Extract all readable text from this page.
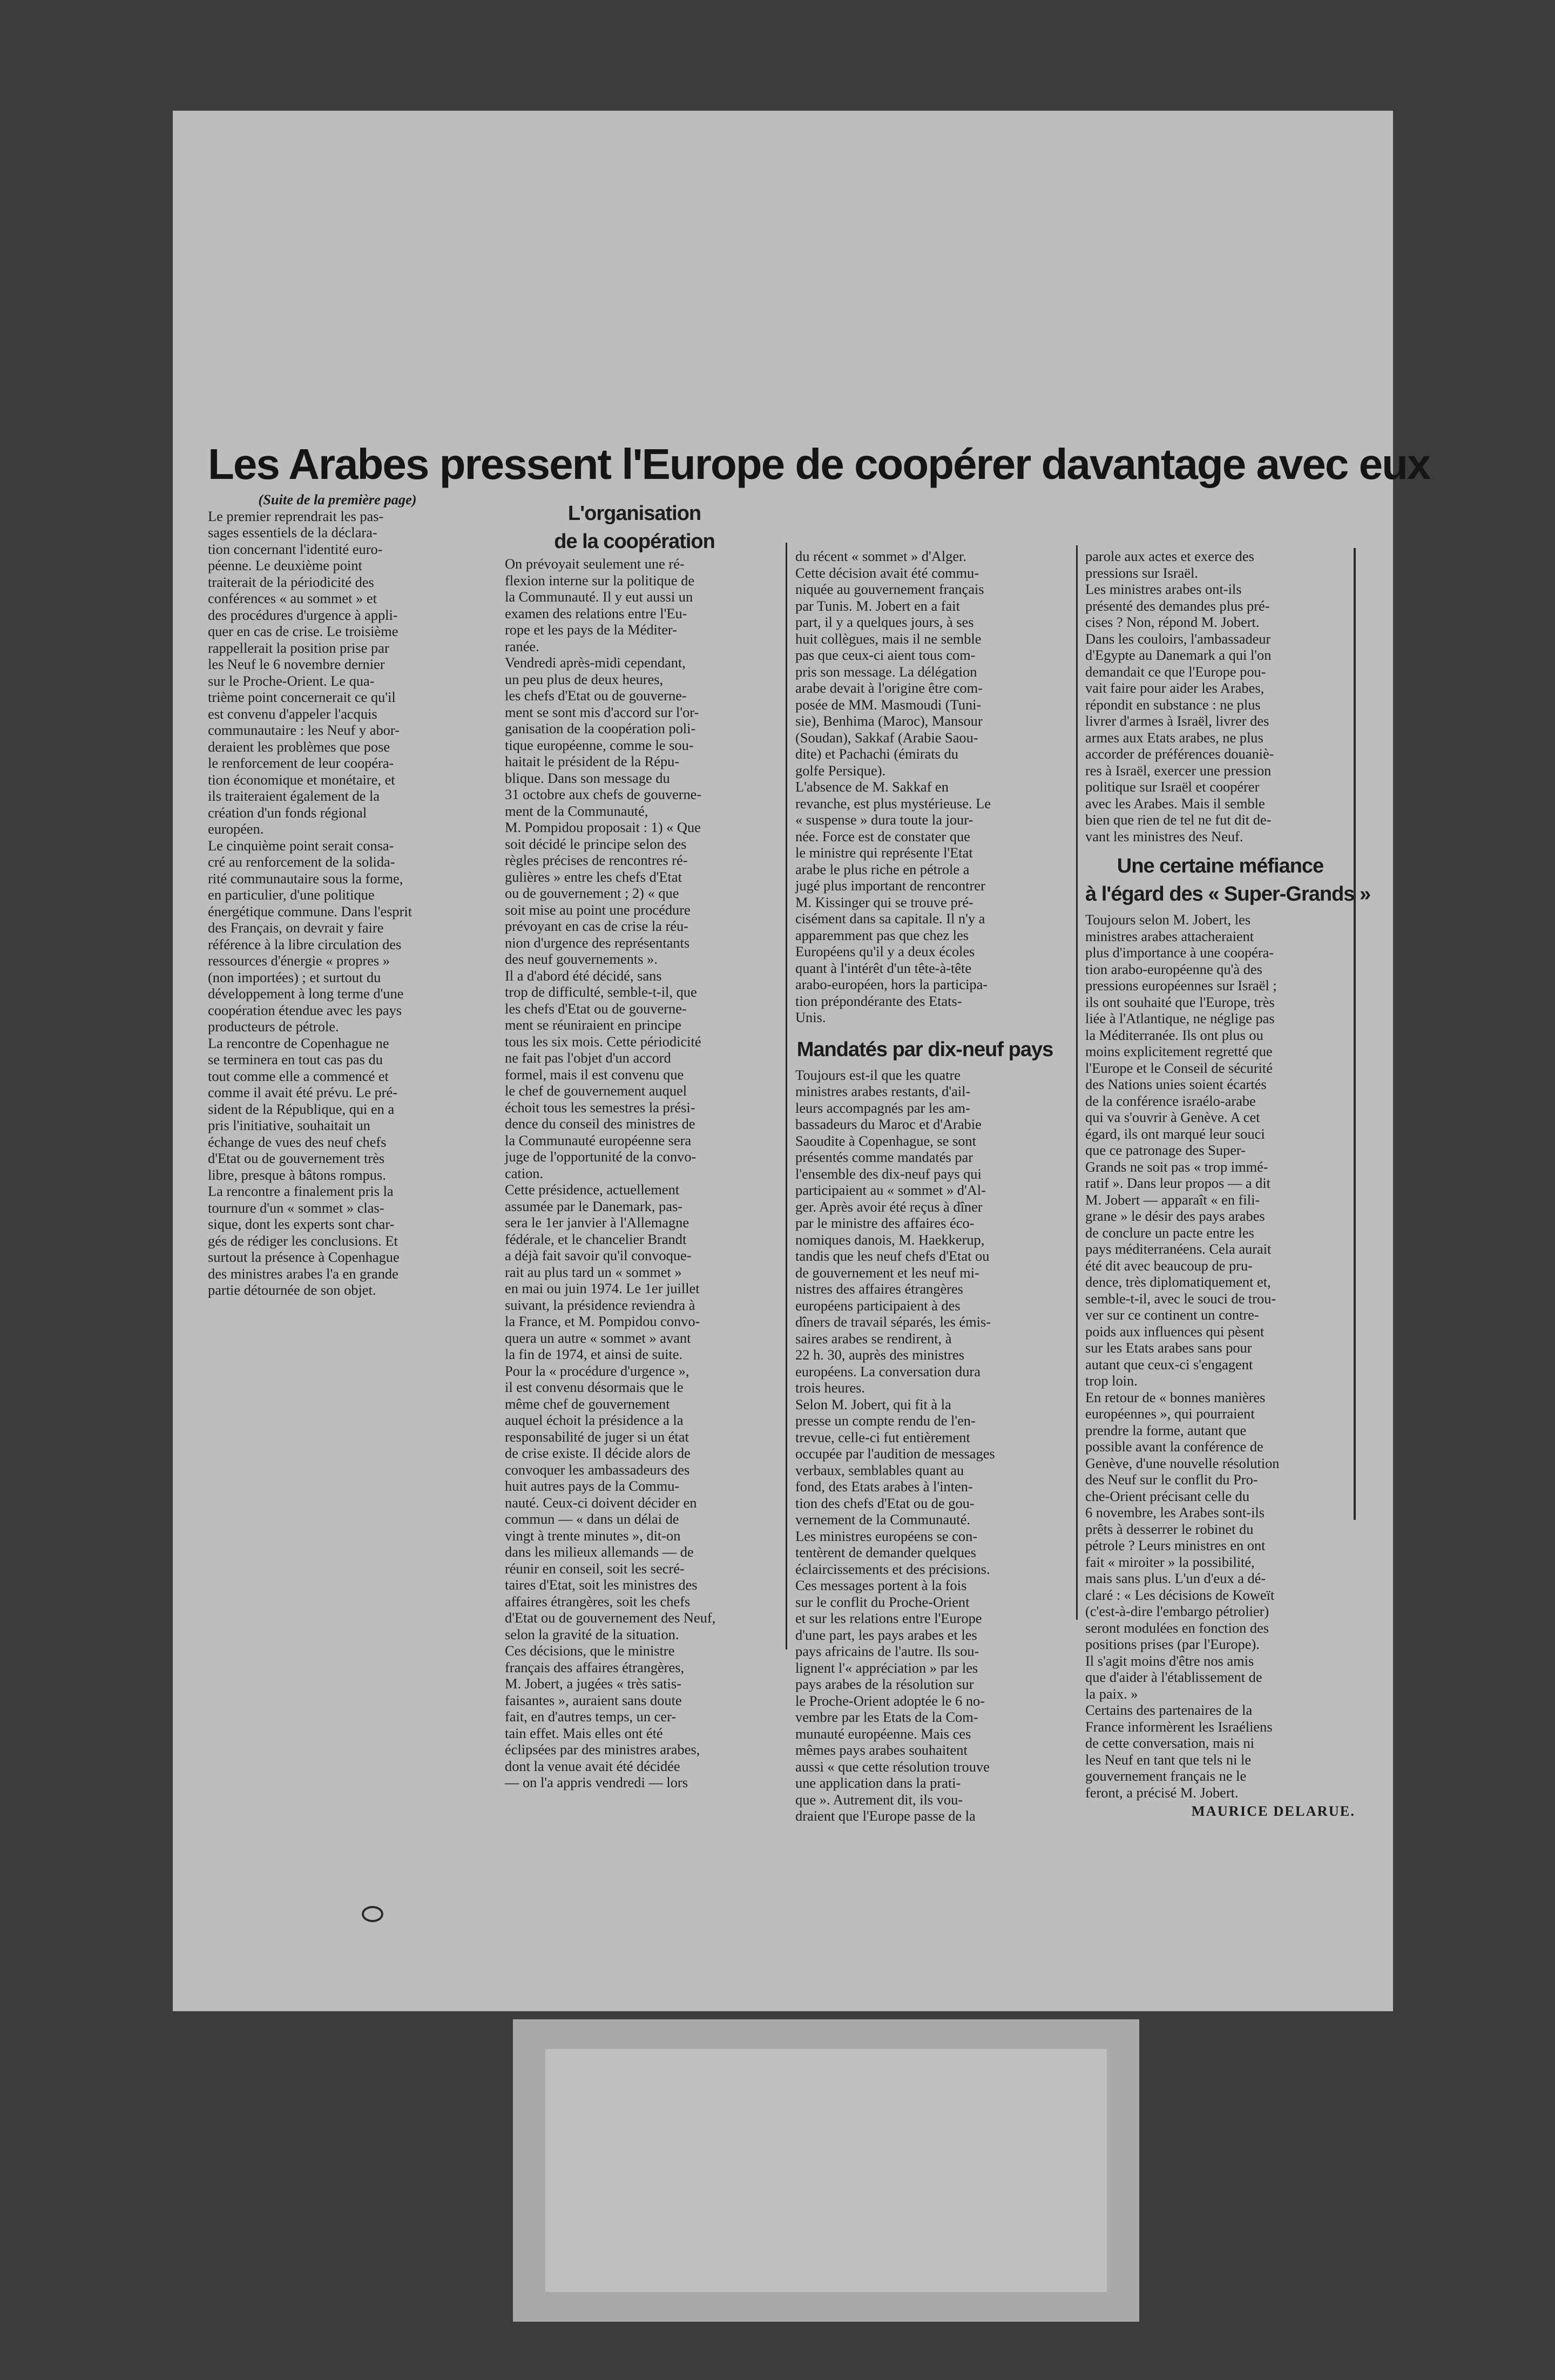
Les Arabes pressent l'Europe de coopérer davantage avec eux
(Suite de la première page)
Le premier reprendrait les pas-
sages essentiels de la déclara-
tion concernant l'identité euro-
péenne. Le deuxième point
traiterait de la périodicité des
conférences « au sommet » et
des procédures d'urgence à appli-
quer en cas de crise. Le troisième
rappellerait la position prise par
les Neuf le 6 novembre dernier
sur le Proche-Orient. Le qua-
trième point concernerait ce qu'il
est convenu d'appeler l'acquis
communautaire : les Neuf y abor-
deraient les problèmes que pose
le renforcement de leur coopéra-
tion économique et monétaire, et
ils traiteraient également de la
création d'un fonds régional
européen.
Le cinquième point serait consa-
cré au renforcement de la solida-
rité communautaire sous la forme,
en particulier, d'une politique
énergétique commune. Dans l'esprit
des Français, on devrait y faire
référence à la libre circulation des
ressources d'énergie « propres »
(non importées) ; et surtout du
développement à long terme d'une
coopération étendue avec les pays
producteurs de pétrole.
La rencontre de Copenhague ne
se terminera en tout cas pas du
tout comme elle a commencé et
comme il avait été prévu. Le pré-
sident de la République, qui en a
pris l'initiative, souhaitait un
échange de vues des neuf chefs
d'Etat ou de gouvernement très
libre, presque à bâtons rompus.
La rencontre a finalement pris la
tournure d'un « sommet » clas-
sique, dont les experts sont char-
gés de rédiger les conclusions. Et
surtout la présence à Copenhague
des ministres arabes l'a en grande
partie détournée de son objet.
L'organisation
de la coopération
On prévoyait seulement une ré-
flexion interne sur la politique de
la Communauté. Il y eut aussi un
examen des relations entre l'Eu-
rope et les pays de la Méditer-
ranée.
Vendredi après-midi cependant,
un peu plus de deux heures,
les chefs d'Etat ou de gouverne-
ment se sont mis d'accord sur l'or-
ganisation de la coopération poli-
tique européenne, comme le sou-
haitait le président de la Répu-
blique. Dans son message du
31 octobre aux chefs de gouverne-
ment de la Communauté,
M. Pompidou proposait : 1) « Que
soit décidé le principe selon des
règles précises de rencontres ré-
gulières » entre les chefs d'Etat
ou de gouvernement ; 2) « que
soit mise au point une procédure
prévoyant en cas de crise la réu-
nion d'urgence des représentants
des neuf gouvernements ».
Il a d'abord été décidé, sans
trop de difficulté, semble-t-il, que
les chefs d'Etat ou de gouverne-
ment se réuniraient en principe
tous les six mois. Cette périodicité
ne fait pas l'objet d'un accord
formel, mais il est convenu que
le chef de gouvernement auquel
échoit tous les semestres la prési-
dence du conseil des ministres de
la Communauté européenne sera
juge de l'opportunité de la convo-
cation.
Cette présidence, actuellement
assumée par le Danemark, pas-
sera le 1er janvier à l'Allemagne
fédérale, et le chancelier Brandt
a déjà fait savoir qu'il convoque-
rait au plus tard un « sommet »
en mai ou juin 1974. Le 1er juillet
suivant, la présidence reviendra à
la France, et M. Pompidou convo-
quera un autre « sommet » avant
la fin de 1974, et ainsi de suite.
Pour la « procédure d'urgence »,
il est convenu désormais que le
même chef de gouvernement
auquel échoit la présidence a la
responsabilité de juger si un état
de crise existe. Il décide alors de
convoquer les ambassadeurs des
huit autres pays de la Commu-
nauté. Ceux-ci doivent décider en
commun — « dans un délai de
vingt à trente minutes », dit-on
dans les milieux allemands — de
réunir en conseil, soit les secré-
taires d'Etat, soit les ministres des
affaires étrangères, soit les chefs
d'Etat ou de gouvernement des Neuf,
selon la gravité de la situation.
Ces décisions, que le ministre
français des affaires étrangères,
M. Jobert, a jugées « très satis-
faisantes », auraient sans doute
fait, en d'autres temps, un cer-
tain effet. Mais elles ont été
éclipsées par des ministres arabes,
dont la venue avait été décidée
— on l'a appris vendredi — lors
du récent « sommet » d'Alger.
Cette décision avait été commu-
niquée au gouvernement français
par Tunis. M. Jobert en a fait
part, il y a quelques jours, à ses
huit collègues, mais il ne semble
pas que ceux-ci aient tous com-
pris son message. La délégation
arabe devait à l'origine être com-
posée de MM. Masmoudi (Tuni-
sie), Benhima (Maroc), Mansour
(Soudan), Sakkaf (Arabie Saou-
dite) et Pachachi (émirats du
golfe Persique).
L'absence de M. Sakkaf en
revanche, est plus mystérieuse. Le
« suspense » dura toute la jour-
née. Force est de constater que
le ministre qui représente l'Etat
arabe le plus riche en pétrole a
jugé plus important de rencontrer
M. Kissinger qui se trouve pré-
cisément dans sa capitale. Il n'y a
apparemment pas que chez les
Européens qu'il y a deux écoles
quant à l'intérêt d'un tête-à-tête
arabo-européen, hors la participa-
tion prépondérante des Etats-
Unis.
Mandatés par dix-neuf pays
Toujours est-il que les quatre
ministres arabes restants, d'ail-
leurs accompagnés par les am-
bassadeurs du Maroc et d'Arabie
Saoudite à Copenhague, se sont
présentés comme mandatés par
l'ensemble des dix-neuf pays qui
participaient au « sommet » d'Al-
ger. Après avoir été reçus à dîner
par le ministre des affaires éco-
nomiques danois, M. Haekkerup,
tandis que les neuf chefs d'Etat ou
de gouvernement et les neuf mi-
nistres des affaires étrangères
européens participaient à des
dîners de travail séparés, les émis-
saires arabes se rendirent, à
22 h. 30, auprès des ministres
européens. La conversation dura
trois heures.
Selon M. Jobert, qui fit à la
presse un compte rendu de l'en-
trevue, celle-ci fut entièrement
occupée par l'audition de messages
verbaux, semblables quant au
fond, des Etats arabes à l'inten-
tion des chefs d'Etat ou de gou-
vernement de la Communauté.
Les ministres européens se con-
tentèrent de demander quelques
éclaircissements et des précisions.
Ces messages portent à la fois
sur le conflit du Proche-Orient
et sur les relations entre l'Europe
d'une part, les pays arabes et les
pays africains de l'autre. Ils sou-
lignent l'« appréciation » par les
pays arabes de la résolution sur
le Proche-Orient adoptée le 6 no-
vembre par les Etats de la Com-
munauté européenne. Mais ces
mêmes pays arabes souhaitent
aussi « que cette résolution trouve
une application dans la prati-
que ». Autrement dit, ils vou-
draient que l'Europe passe de la
parole aux actes et exerce des
pressions sur Israël.
Les ministres arabes ont-ils
présenté des demandes plus pré-
cises ? Non, répond M. Jobert.
Dans les couloirs, l'ambassadeur
d'Egypte au Danemark a qui l'on
demandait ce que l'Europe pou-
vait faire pour aider les Arabes,
répondit en substance : ne plus
livrer d'armes à Israël, livrer des
armes aux Etats arabes, ne plus
accorder de préférences douaniè-
res à Israël, exercer une pression
politique sur Israël et coopérer
avec les Arabes. Mais il semble
bien que rien de tel ne fut dit de-
vant les ministres des Neuf.
Une certaine méfiance
à l'égard des « Super-Grands »
Toujours selon M. Jobert, les
ministres arabes attacheraient
plus d'importance à une coopéra-
tion arabo-européenne qu'à des
pressions européennes sur Israël ;
ils ont souhaité que l'Europe, très
liée à l'Atlantique, ne néglige pas
la Méditerranée. Ils ont plus ou
moins explicitement regretté que
l'Europe et le Conseil de sécurité
des Nations unies soient écartés
de la conférence israélo-arabe
qui va s'ouvrir à Genève. A cet
égard, ils ont marqué leur souci
que ce patronage des Super-
Grands ne soit pas « trop immé-
ratif ». Dans leur propos — a dit
M. Jobert — apparaît « en fili-
grane » le désir des pays arabes
de conclure un pacte entre les
pays méditerranéens. Cela aurait
été dit avec beaucoup de pru-
dence, très diplomatiquement et,
semble-t-il, avec le souci de trou-
ver sur ce continent un contre-
poids aux influences qui pèsent
sur les Etats arabes sans pour
autant que ceux-ci s'engagent
trop loin.
En retour de « bonnes manières
européennes », qui pourraient
prendre la forme, autant que
possible avant la conférence de
Genève, d'une nouvelle résolution
des Neuf sur le conflit du Pro-
che-Orient précisant celle du
6 novembre, les Arabes sont-ils
prêts à desserrer le robinet du
pétrole ? Leurs ministres en ont
fait « miroiter » la possibilité,
mais sans plus. L'un d'eux a dé-
claré : « Les décisions de Koweït
(c'est-à-dire l'embargo pétrolier)
seront modulées en fonction des
positions prises (par l'Europe).
Il s'agit moins d'être nos amis
que d'aider à l'établissement de
la paix. »
Certains des partenaires de la
France informèrent les Israéliens
de cette conversation, mais ni
les Neuf en tant que tels ni le
gouvernement français ne le
feront, a précisé M. Jobert.
MAURICE DELARUE.
